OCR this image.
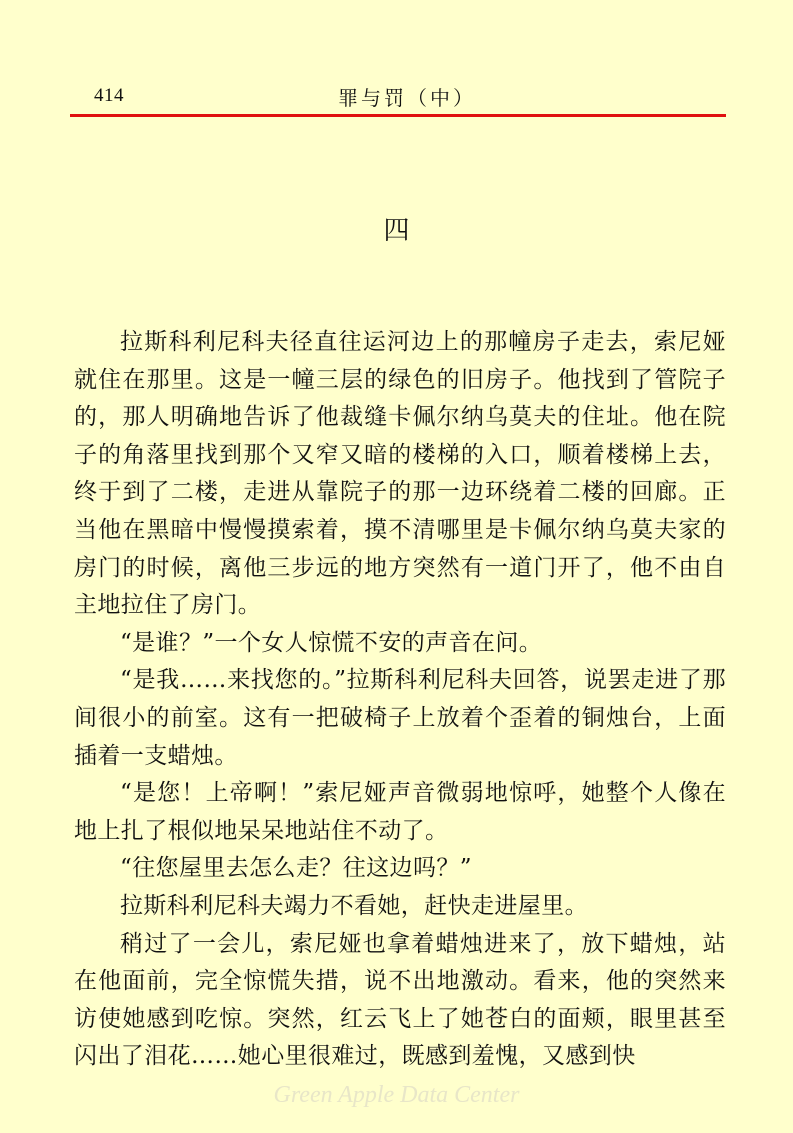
414	罪与罚（中）
四

拉斯科利尼科夫径直往运河边上的那幢房子走去，索尼娅就住在那里。这是一幢三层的绿色的旧房子。他找到了管院子的，那人明确地告诉了他裁缝卡佩尔纳乌莫夫的住址。他在院子的角落里找到那个又窄又暗的楼梯的入口，顺着楼梯上去，终于到了二楼，走进从靠院子的那一边环绕着二楼的回廊。正当他在黑暗中慢慢摸索着，摸不清哪里是卡佩尔纳乌莫夫家的房门的时候，离他三步远的地方突然有一道门开了，他不由自主地拉住了房门。

“是谁？”一个女人惊慌不安的声音在问。

“是我……来找您的。”拉斯科利尼科夫回答，说罢走进了那间很小的前室。这有一把破椅子上放着个歪着的铜烛台，上面插着一支蜡烛。

“是您！上帝啊！”索尼娅声音微弱地惊呼，她整个人像在地上扎了根似地呆呆地站住不动了。

“往您屋里去怎么走？往这边吗？”

拉斯科利尼科夫竭力不看她，赶快走进屋里。

稍过了一会儿，索尼娅也拿着蜡烛进来了，放下蜡烛，站在他面前，完全惊慌失措，说不出地激动。看来，他的突然来访使她感到吃惊。突然，红云飞上了她苍白的面颊，眼里甚至闪出了泪花……她心里很难过，既感到羞愧，又感到快

Green Apple Data Center
